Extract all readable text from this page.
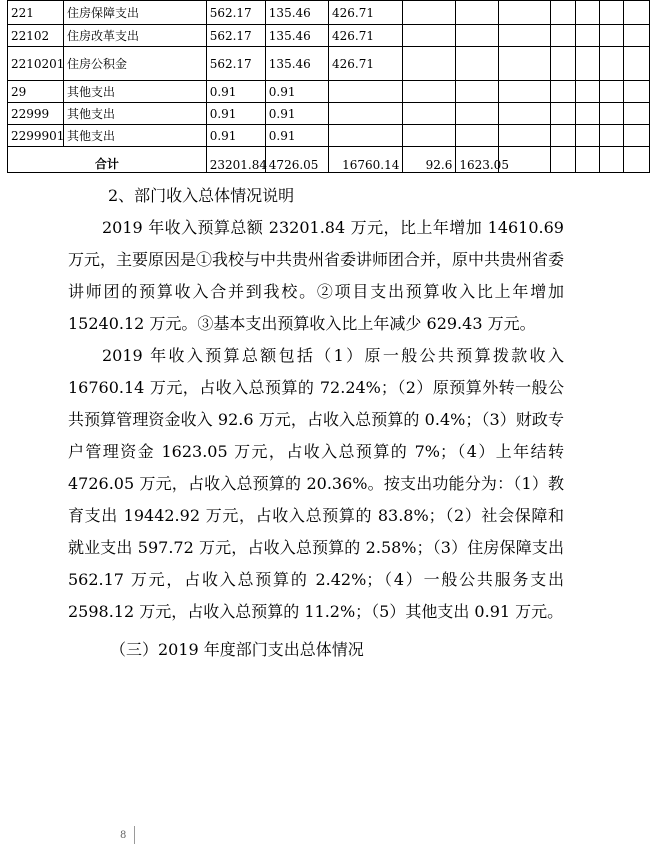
221	住房保障支出	562.17	135.46	426.71							
22102	住房改革支出	562.17	135.46	426.71							
2210201	住房公积金	562.17	135.46	426.71							
29	其他支出	0.91	0.91								
22999	其他支出	0.91	0.91								
2299901	其他支出	0.91	0.91								
合计		23201.84	4726.05	16760.14	92.6	1623.05					

2、部门收入总体情况说明

2019 年收入预算总额 23201.84 万元，比上年增加 14610.69 万元，主要原因是①我校与中共贵州省委讲师团合并，原中共贵州省委讲师团的预算收入合并到我校。②项目支出预算收入比上年增加 15240.12 万元。③基本支出预算收入比上年减少 629.43 万元。

2019 年收入预算总额包括（1）原一般公共预算拨款收入 16760.14 万元，占收入总预算的 72.24%；（2）原预算外转一般公共预算管理资金收入 92.6 万元，占收入总预算的 0.4%；（3）财政专户管理资金 1623.05 万元，占收入总预算的 7%；（4）上年结转 4726.05 万元，占收入总预算的 20.36%。按支出功能分为：（1）教育支出 19442.92 万元，占收入总预算的 83.8%；（2）社会保障和就业支出 597.72 万元，占收入总预算的 2.58%；（3）住房保障支出 562.17 万元，占收入总预算的 2.42%；（4）一般公共服务支出 2598.12 万元，占收入总预算的 11.2%；（5）其他支出 0.91 万元。

（三）2019 年度部门支出总体情况

8
